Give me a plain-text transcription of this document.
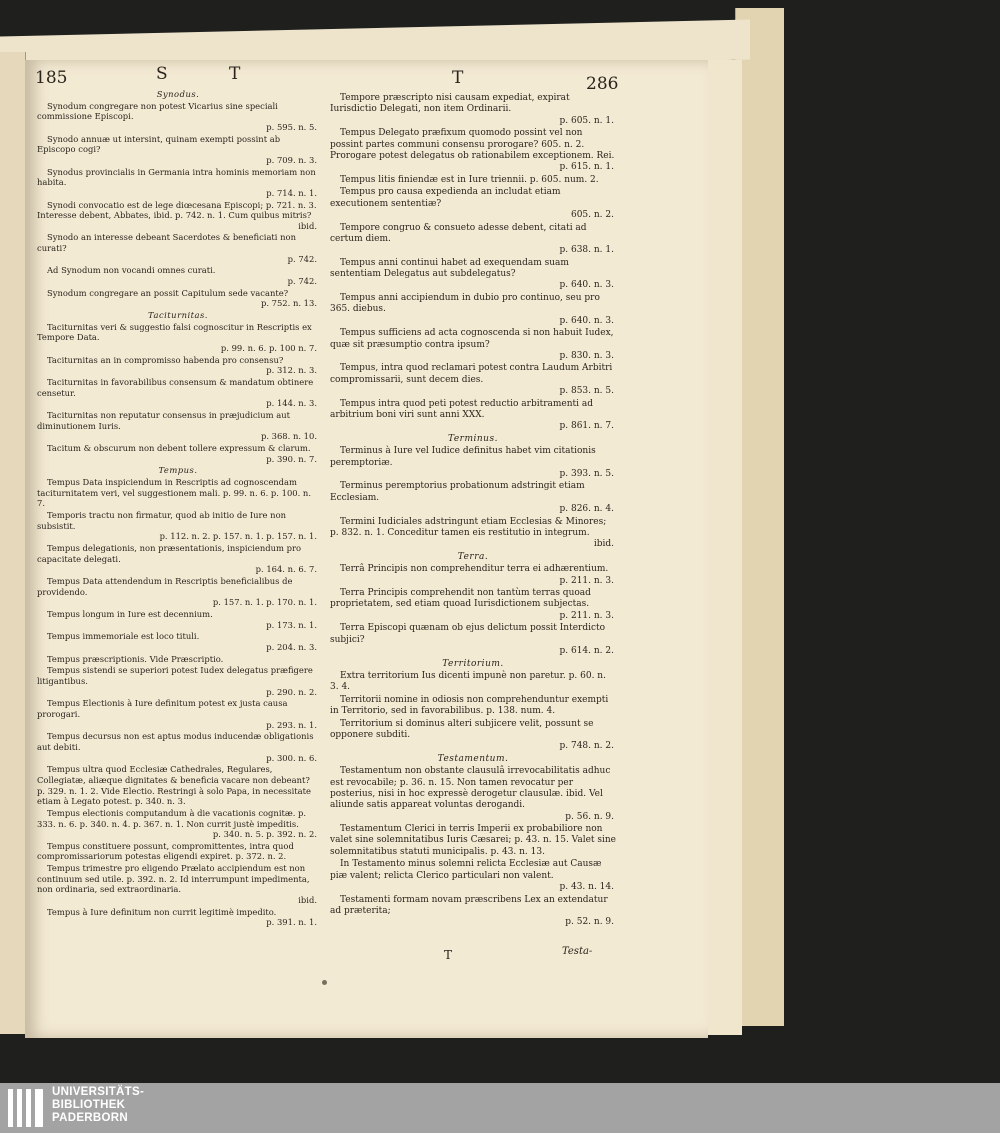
185	S T	T	286
Synodus.
Synodum congregare non potest Vicarius sine speciali commissione Episcopi.
p. 595. n. 5.
Synodo annuæ ut intersint, quinam exempti possint ab Episcopo cogi?
p. 709. n. 3.
Synodus provincialis in Germania intra hominis memoriam non habita.
p. 714. n. 1.
Synodi convocatio est de lege diœcesana Episcopi; p. 721. n. 3. Interesse debent, Abbates, ibid. p. 742. n. 1. Cum quibus mitris?
ibid.
Synodo an interesse debeant Sacerdotes & beneficiati non curati?
p. 742.
Ad Synodum non vocandi omnes curati.
p. 742.
Synodum congregare an possit Capitulum sede vacante?
p. 752. n. 13.
Taciturnitas.
Taciturnitas veri & suggestio falsi cognoscitur in Rescriptis ex Tempore Data.
p. 99. n. 6. p. 100 n. 7.
Taciturnitas an in compromisso habenda pro consensu?
p. 312. n. 3.
Taciturnitas in favorabilibus consensum & mandatum obtinere censetur.
p. 144. n. 3.
Taciturnitas non reputatur consensus in præjudicium aut diminutionem Iuris.
p. 368. n. 10.
Tacitum & obscurum non debent tollere expressum & clarum.
p. 390. n. 7.
Tempus.
Tempus Data inspiciendum in Rescriptis ad cognoscendam taciturnitatem veri, vel suggestionem mali. p. 99. n. 6. p. 100. n. 7.
Temporis tractu non firmatur, quod ab initio de Iure non subsistit.
p. 112. n. 2. p. 157. n. 1. p. 157. n. 1.
Tempus delegationis, non præsentationis, inspiciendum pro capacitate delegati.
p. 164. n. 6. 7.
Tempus Data attendendum in Rescriptis beneficialibus de providendo.
p. 157. n. 1. p. 170. n. 1.
Tempus longum in Iure est decennium.
p. 173. n. 1.
Tempus immemoriale est loco tituli.
p. 204. n. 3.
Tempus præscriptionis. Vide Præscriptio.
Tempus sistendi se superiori potest Iudex delegatus præfigere litigantibus.
p. 290. n. 2.
Tempus Electionis à Iure definitum potest ex justa causa prorogari.
p. 293. n. 1.
Tempus decursus non est aptus modus inducendæ obligationis aut debiti.
p. 300. n. 6.
Tempus ultra quod Ecclesiæ Cathedrales, Regulares, Collegiatæ, aliæque dignitates & beneficia vacare non debeant? p. 329. n. 1. 2. Vide Electio. Restringi à solo Papa, in necessitate etiam à Legato potest. p. 340. n. 3.
Tempus electionis computandum à die vacationis cognitæ. p. 333. n. 6. p. 340. n. 4. p. 367. n. 1. Non currit justè impeditis.
p. 340. n. 5. p. 392. n. 2.
Tempus constituere possunt, compromittentes, intra quod compromissariorum potestas eligendi expiret. p. 372. n. 2.
Tempus trimestre pro eligendo Prælato accipiendum est non continuum sed utile. p. 392. n. 2. Id interrumpunt impedimenta, non ordinaria, sed extraordinaria.
ibid.
Tempus à Iure definitum non currit legitimè impedito.
p. 391. n. 1.
Tempore præscripto nisi causam expediat, expirat Iurisdictio Delegati, non item Ordinarii.
p. 605. n. 1.
Tempus Delegato præfixum quomodo possint vel non possint partes communi consensu prorogare? 605. n. 2. Prorogare potest delegatus ob rationabilem exceptionem. Rei.
p. 615. n. 1.
Tempus litis finiendæ est in Iure triennii. p. 605. num. 2.
Tempus pro causa expedienda an includat etiam executionem sententiæ?
605. n. 2.
Tempore congruo & consueto adesse debent, citati ad certum diem.
p. 638. n. 1.
Tempus anni continui habet ad exequendam suam sententiam Delegatus aut subdelegatus?
p. 640. n. 3.
Tempus anni accipiendum in dubio pro continuo, seu pro 365. diebus.
p. 640. n. 3.
Tempus sufficiens ad acta cognoscenda si non habuit Iudex, quæ sit præsumptio contra ipsum?
p. 830. n. 3.
Tempus, intra quod reclamari potest contra Laudum Arbitri compromissarii, sunt decem dies.
p. 853. n. 5.
Tempus intra quod peti potest reductio arbitramenti ad arbitrium boni viri sunt anni XXX.
p. 861. n. 7.
Terminus.
Terminus à Iure vel Iudice definitus habet vim citationis peremptoriæ.
p. 393. n. 5.
Terminus peremptorius probationum adstringit etiam Ecclesiam.
p. 826. n. 4.
Termini Iudiciales adstringunt etiam Ecclesias & Minores; p. 832. n. 1. Conceditur tamen eis restitutio in integrum.
ibid.
Terra.
Terrâ Principis non comprehenditur terra ei adhærentium.
p. 211. n. 3.
Terra Principis comprehendit non tantùm terras quoad proprietatem, sed etiam quoad Iurisdictionem subjectas.
p. 211. n. 3.
Terra Episcopi quænam ob ejus delictum possit Interdicto subjici?
p. 614. n. 2.
Territorium.
Extra territorium Ius dicenti impunè non paretur. p. 60. n. 3. 4.
Territorii nomine in odiosis non comprehenduntur exempti in Territorio, sed in favorabilibus. p. 138. num. 4.
Territorium si dominus alteri subjicere velit, possunt se opponere subditi.
p. 748. n. 2.
Testamentum.
Testamentum non obstante clausulâ irrevocabilitatis adhuc est revocabile; p. 36. n. 15. Non tamen revocatur per posterius, nisi in hoc expressè derogetur clausulæ. ibid. Vel aliunde satis appareat voluntas derogandi.
p. 56. n. 9.
Testamentum Clerici in terris Imperii ex probabiliore non valet sine solemnitatibus Iuris Cæsarei; p. 43. n. 15. Valet sine solemnitatibus statuti municipalis. p. 43. n. 13.
In Testamento minus solemni relicta Ecclesiæ aut Causæ piæ valent; relicta Clerico particulari non valent.
p. 43. n. 14.
Testamenti formam novam præscribens Lex an extendatur ad præterita;
p. 52. n. 9.
T	Testa-
UNIVERSITÄTS-
BIBLIOTHEK
PADERBORN
